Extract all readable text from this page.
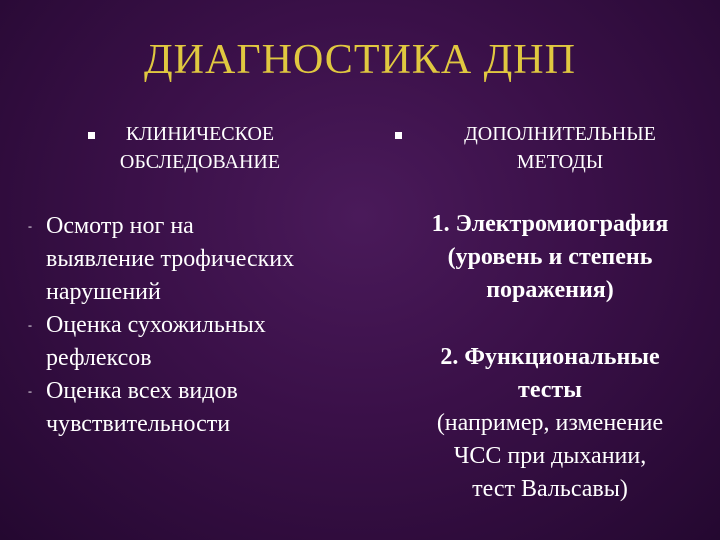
ДИАГНОСТИКА ДНП
КЛИНИЧЕСКОЕ
ОБСЛЕДОВАНИЕ
ДОПОЛНИТЕЛЬНЫЕ
МЕТОДЫ
- Осмотр ног на
выявление трофических
нарушений
- Оценка сухожильных
рефлексов
- Оценка всех видов
чувствительности
1. Электромиография
(уровень и степень
поражения)
2. Функциональные
тесты
(например, изменение
ЧСС при дыхании,
тест Вальсавы)
